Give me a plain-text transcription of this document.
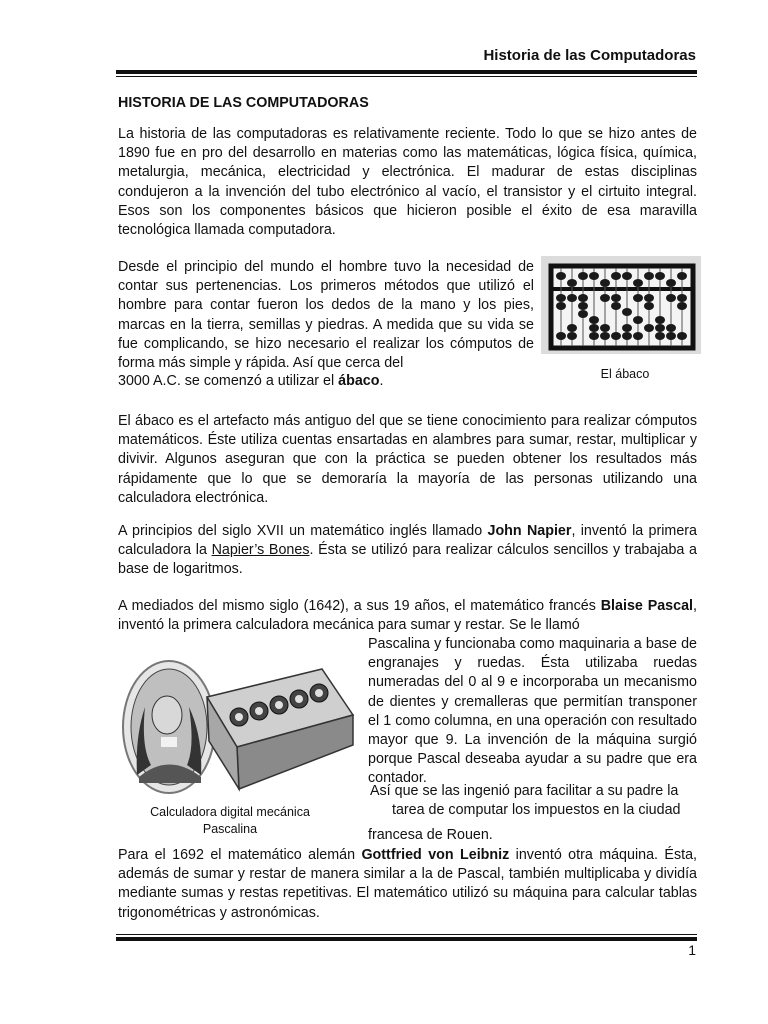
Historia de las Computadoras
HISTORIA DE LAS COMPUTADORAS
La historia de las computadoras es relativamente reciente. Todo lo que se hizo antes de 1890 fue en pro del desarrollo en materias como las matemáticas, lógica física, química, metalurgia, mecánica, electricidad y electrónica. El madurar de estas disciplinas condujeron a la invención del tubo electrónico al vacío, el transistor y el cirtuito integral. Esos son los componentes básicos que hicieron posible el éxito de esa maravilla tecnológica llamada computadora.
Desde el principio del mundo el hombre tuvo la necesidad de contar sus pertenencias. Los primeros métodos que utilizó el hombre para contar fueron los dedos de la mano y los pies, marcas en la tierra, semillas y piedras. A medida que su vida se fue complicando, se hizo necesario el realizar los cómputos de forma más simple y rápida. Así que cerca del
3000 A.C. se comenzó a utilizar el ábaco.	El ábaco
El ábaco es el artefacto más antiguo del que se tiene conocimiento para realizar cómputos matemáticos. Éste utiliza cuentas ensartadas en alambres para sumar, restar, multiplicar y divivir. Algunos aseguran que con la práctica se pueden obtener los resultados más rápidamente que lo que se demoraría la mayoría de las personas utilizando una calculadora electrónica.
A principios del siglo XVII un matemático inglés llamado John Napier, inventó la primera calculadora la Napier’s Bones. Ésta se utilizó para realizar cálculos sencillos y trabajaba a base de logaritmos.
A mediados del mismo siglo (1642), a sus 19 años, el matemático francés Blaise Pascal, inventó la primera calculadora mecánica para sumar y restar. Se le llamó
Pascalina y funcionaba como maquinaria a base de engranajes y ruedas. Ésta utilizaba ruedas numeradas del 0 al 9 e incorporaba un mecanismo de dientes y cremalleras que permitían transponer el 1 como columna, en una operación con resultado mayor que 9. La invención de la máquina surgió porque Pascal deseaba ayudar a su padre que era contador.
Así que se las ingenió para facilitar a su padre la
tarea de computar los impuestos en la ciudad
francesa de Rouen.
Calculadora digital mecánica
Pascalina
Para el 1692 el matemático alemán Gottfried von Leibniz inventó otra máquina. Ésta, además de sumar y restar de manera similar a la de Pascal, también multiplicaba y dividía mediante sumas y restas repetitivas. El matemático utilizó su máquina para calcular tablas trigonométricas y astronómicas.
1
